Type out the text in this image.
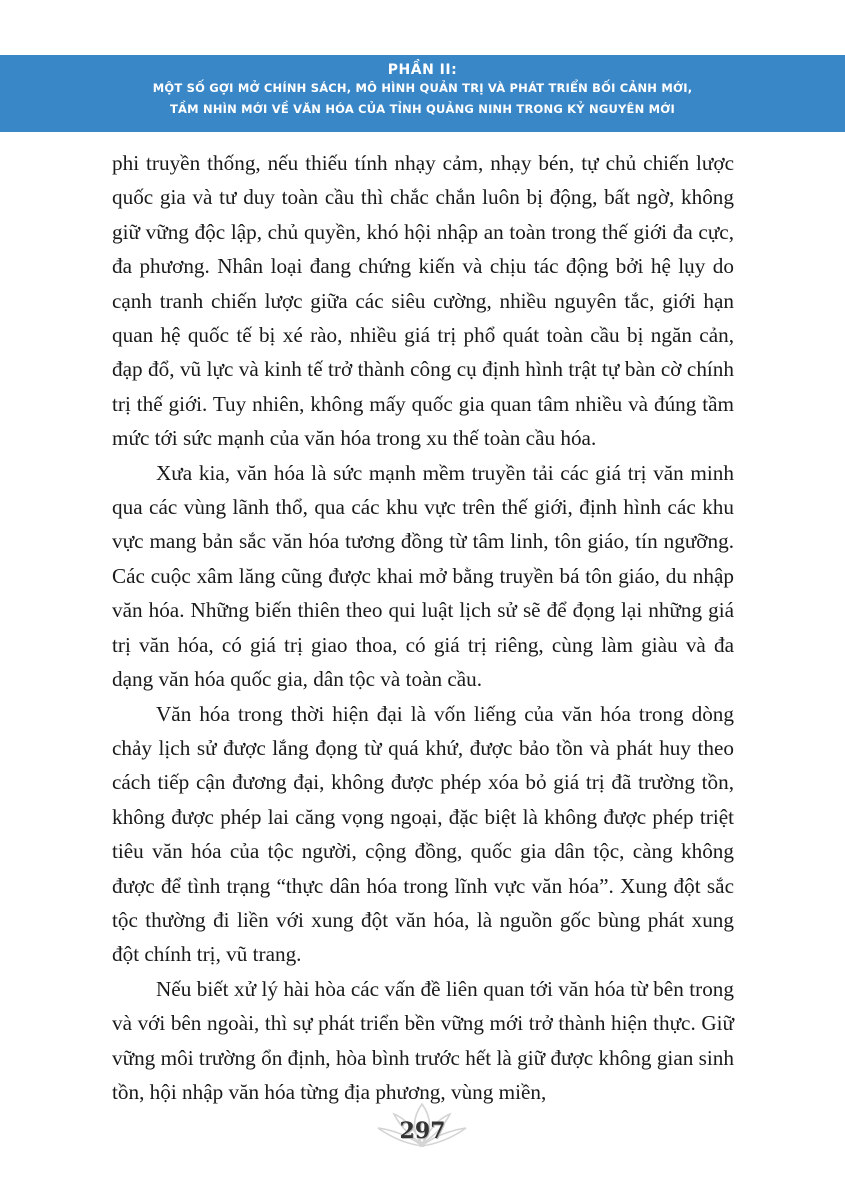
PHẦN II:
MỘT SỐ GỢI MỞ CHÍNH SÁCH, MÔ HÌNH QUẢN TRỊ VÀ PHÁT TRIỂN BỐI CẢNH MỚI,
TẦM NHÌN MỚI VỀ VĂN HÓA CỦA TỈNH QUẢNG NINH TRONG KỶ NGUYÊN MỚI

phi truyền thống, nếu thiếu tính nhạy cảm, nhạy bén, tự chủ chiến lược quốc gia và tư duy toàn cầu thì chắc chắn luôn bị động, bất ngờ, không giữ vững độc lập, chủ quyền, khó hội nhập an toàn trong thế giới đa cực, đa phương. Nhân loại đang chứng kiến và chịu tác động bởi hệ lụy do cạnh tranh chiến lược giữa các siêu cường, nhiều nguyên tắc, giới hạn quan hệ quốc tế bị xé rào, nhiều giá trị phổ quát toàn cầu bị ngăn cản, đạp đổ, vũ lực và kinh tế trở thành công cụ định hình trật tự bàn cờ chính trị thế giới. Tuy nhiên, không mấy quốc gia quan tâm nhiều và đúng tầm mức tới sức mạnh của văn hóa trong xu thế toàn cầu hóa.

Xưa kia, văn hóa là sức mạnh mềm truyền tải các giá trị văn minh qua các vùng lãnh thổ, qua các khu vực trên thế giới, định hình các khu vực mang bản sắc văn hóa tương đồng từ tâm linh, tôn giáo, tín ngưỡng. Các cuộc xâm lăng cũng được khai mở bằng truyền bá tôn giáo, du nhập văn hóa. Những biến thiên theo qui luật lịch sử sẽ để đọng lại những giá trị văn hóa, có giá trị giao thoa, có giá trị riêng, cùng làm giàu và đa dạng văn hóa quốc gia, dân tộc và toàn cầu.

Văn hóa trong thời hiện đại là vốn liếng của văn hóa trong dòng chảy lịch sử được lắng đọng từ quá khứ, được bảo tồn và phát huy theo cách tiếp cận đương đại, không được phép xóa bỏ giá trị đã trường tồn, không được phép lai căng vọng ngoại, đặc biệt là không được phép triệt tiêu văn hóa của tộc người, cộng đồng, quốc gia dân tộc, càng không được để tình trạng “thực dân hóa trong lĩnh vực văn hóa”. Xung đột sắc tộc thường đi liền với xung đột văn hóa, là nguồn gốc bùng phát xung đột chính trị, vũ trang.

Nếu biết xử lý hài hòa các vấn đề liên quan tới văn hóa từ bên trong và với bên ngoài, thì sự phát triển bền vững mới trở thành hiện thực. Giữ vững môi trường ổn định, hòa bình trước hết là giữ được không gian sinh tồn, hội nhập văn hóa từng địa phương, vùng miền,

297
